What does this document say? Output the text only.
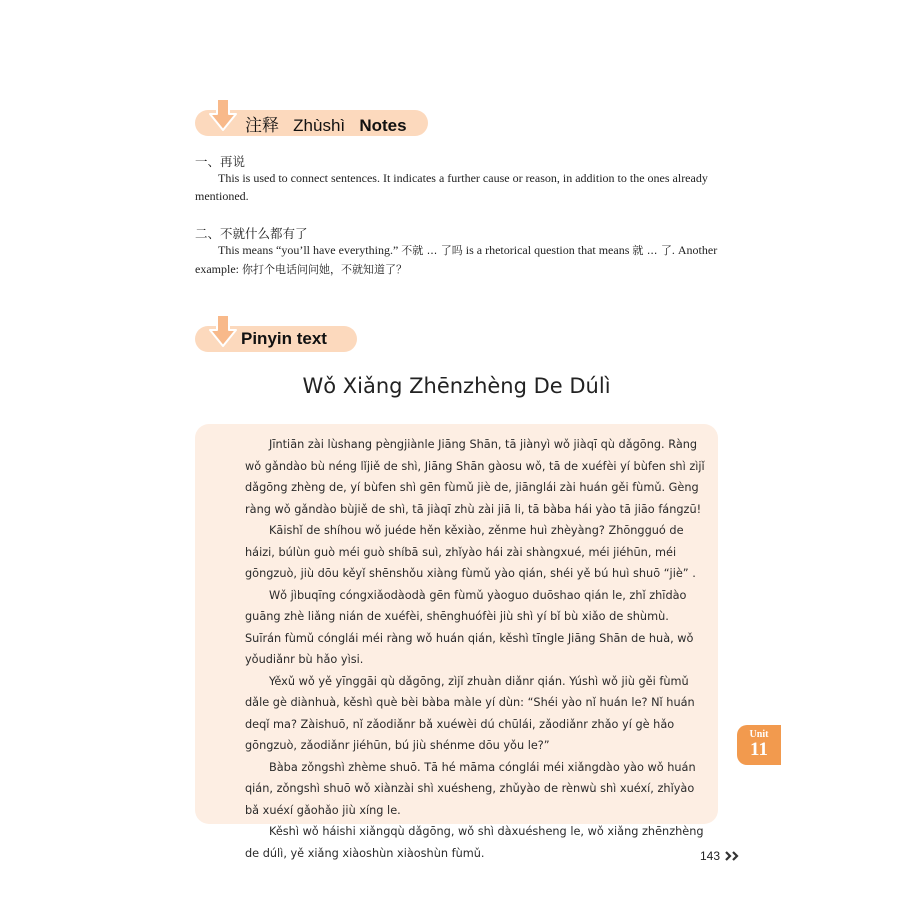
注释 Zhùshì Notes
一、再说
This is used to connect sentences. It indicates a further cause or reason, in addition to the ones already mentioned.
二、不就什么都有了
This means “you’ll have everything.” 不就 ... 了吗 is a rhetorical question that means 就 ... 了. Another example: 你打个电话问问她，不就知道了？
Pinyin text
Wǒ Xiǎng Zhēnzhèng De Dúlì

Jīntiān zài lùshang pèngjiànle Jiāng Shān, tā jiànyì wǒ jiàqī qù dǎgōng. Ràng wǒ gǎndào bù néng lǐjiě de shì, Jiāng Shān gàosu wǒ, tā de xuéfèi yí bùfen shì zìjǐ dǎgōng zhèng de, yí bùfen shì gēn fùmǔ jiè de, jiānglái zài huán gěi fùmǔ. Gèng ràng wǒ gǎndào bùjiě de shì, tā jiàqī zhù zài jiā li, tā bàba hái yào tā jiāo fángzū!

Kāishǐ de shíhou wǒ juéde hěn kěxiào, zěnme huì zhèyàng? Zhōngguó de háizi, búlùn guò méi guò shíbā suì, zhǐyào hái zài shàngxué, méi jiéhūn, méi gōngzuò, jiù dōu kěyǐ shēnshǒu xiàng fùmǔ yào qián, shéi yě bú huì shuō “jiè” .

Wǒ jìbuqīng cóngxiǎodàodà gēn fùmǔ yàoguo duōshao qián le, zhǐ zhīdào guāng zhè liǎng nián de xuéfèi, shēnghuófèi jiù shì yí bǐ bù xiǎo de shùmù. Suīrán fùmǔ cónglái méi ràng wǒ huán qián, kěshì tīngle Jiāng Shān de huà, wǒ yǒudiǎnr bù hǎo yìsi.

Yěxǔ wǒ yě yīnggāi qù dǎgōng, zìjǐ zhuàn diǎnr qián. Yúshì wǒ jiù gěi fùmǔ dǎle gè diànhuà, kěshì què bèi bàba màle yí dùn: “Shéi yào nǐ huán le? Nǐ huán deqǐ ma? Zàishuō, nǐ zǎodiǎnr bǎ xuéwèi dú chūlái, zǎodiǎnr zhǎo yí gè hǎo gōngzuò, zǎodiǎnr jiéhūn, bú jiù shénme dōu yǒu le?”

Bàba zǒngshì zhème shuō. Tā hé māma cónglái méi xiǎngdào yào wǒ huán qián, zǒngshì shuō wǒ xiànzài shì xuésheng, zhǔyào de rènwù shì xuéxí, zhǐyào bǎ xuéxí gǎohǎo jiù xíng le.

Kěshì wǒ háishi xiǎngqù dǎgōng, wǒ shì dàxuésheng le, wǒ xiǎng zhēnzhèng de dúlì, yě xiǎng xiàoshùn xiàoshùn fùmǔ.

Unit
11
143
